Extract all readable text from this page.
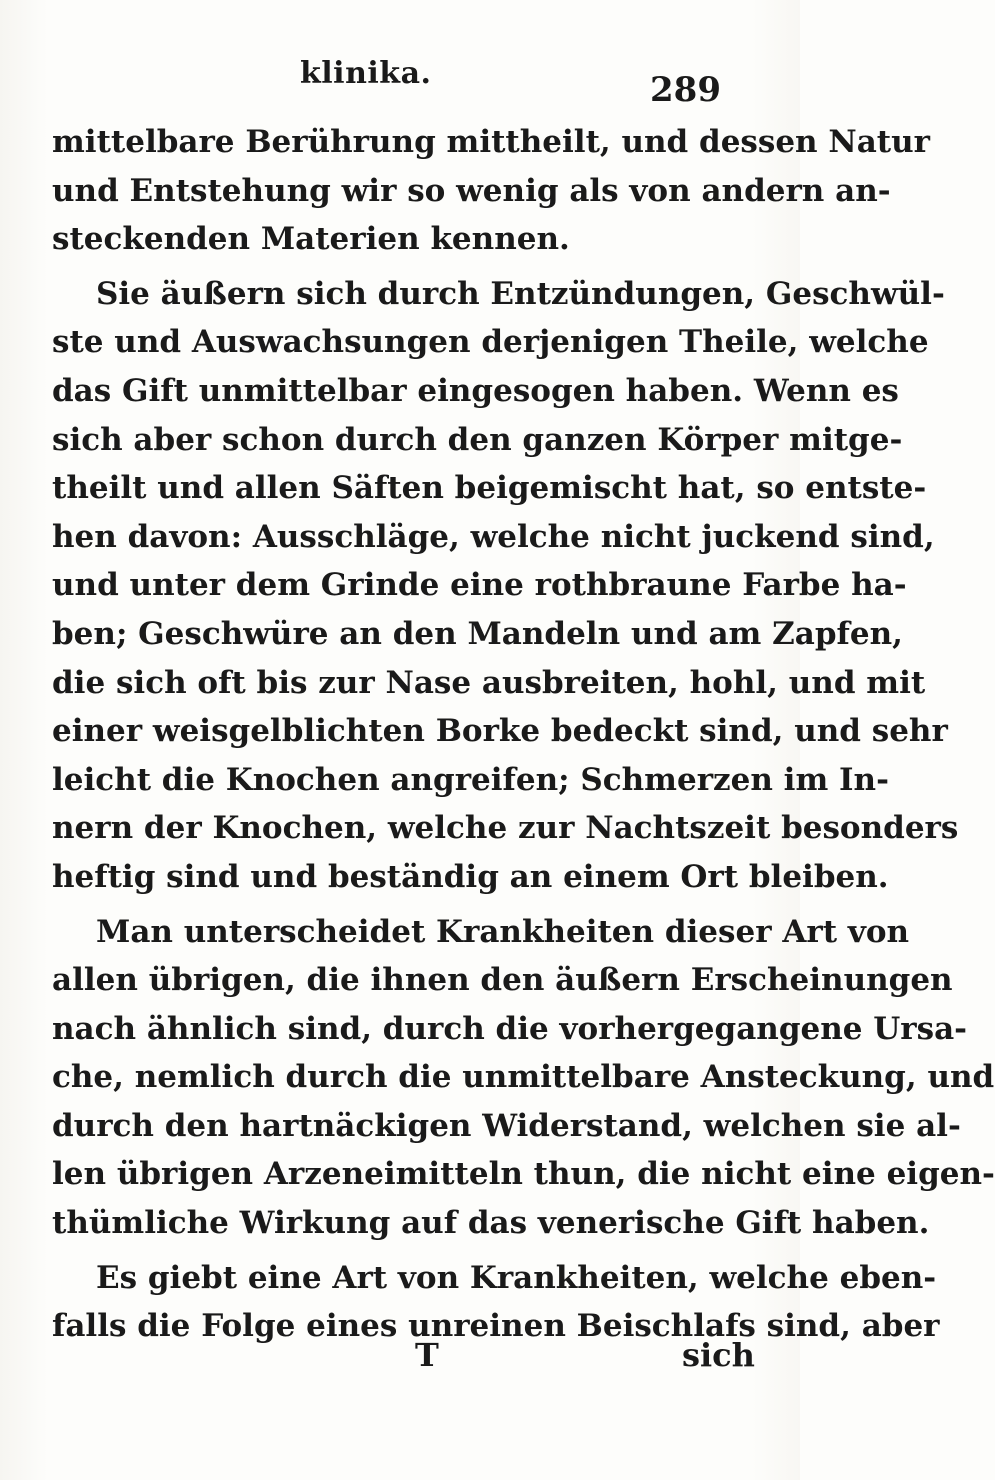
klinika.	289

mittelbare Berührung mittheilt, und dessen Natur
und Entstehung wir so wenig als von andern an-
steckenden Materien kennen.

Sie äußern sich durch Entzündungen, Geschwül-
ste und Auswachsungen derjenigen Theile, welche
das Gift unmittelbar eingesogen haben. Wenn es
sich aber schon durch den ganzen Körper mitge-
theilt und allen Säften beigemischt hat, so entste-
hen davon: Ausschläge, welche nicht juckend sind,
und unter dem Grinde eine rothbraune Farbe ha-
ben; Geschwüre an den Mandeln und am Zapfen,
die sich oft bis zur Nase ausbreiten, hohl, und mit
einer weisgelblichten Borke bedeckt sind, und sehr
leicht die Knochen angreifen; Schmerzen im In-
nern der Knochen, welche zur Nachtszeit besonders
heftig sind und beständig an einem Ort bleiben.

Man unterscheidet Krankheiten dieser Art von
allen übrigen, die ihnen den äußern Erscheinungen
nach ähnlich sind, durch die vorhergegangene Ursa-
che, nemlich durch die unmittelbare Ansteckung, und
durch den hartnäckigen Widerstand, welchen sie al-
len übrigen Arzeneimitteln thun, die nicht eine eigen-
thümliche Wirkung auf das venerische Gift haben.

Es giebt eine Art von Krankheiten, welche eben-
falls die Folge eines unreinen Beischlafs sind, aber

T	sich
